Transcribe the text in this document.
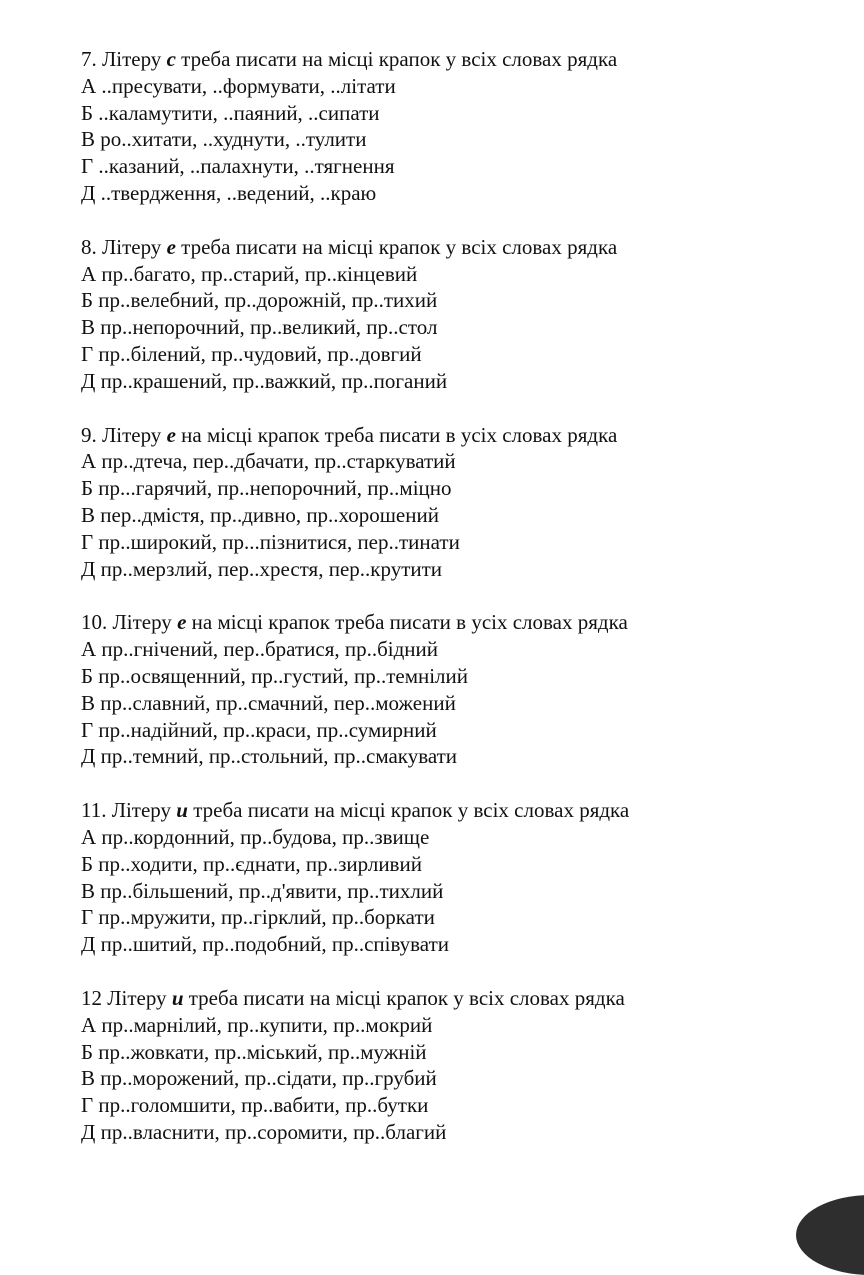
7. Літеру с треба писати на місці крапок у всіх словах рядка
А ..пресувати, ..формувати, ..літати
Б ..каламутити, ..паяний, ..сипати
В ро..хитати, ..худнути, ..тулити
Г ..казаний, ..палахнути, ..тягнення
Д ..твердження, ..ведений, ..краю
8. Літеру е треба писати на місці крапок у всіх словах рядка
А пр..багато, пр..старий, пр..кінцевий
Б пр..велебний, пр..дорожній, пр..тихий
В пр..непорочний, пр..великий, пр..стол
Г пр..білений, пр..чудовий, пр..довгий
Д пр..крашений, пр..важкий, пр..поганий
9. Літеру е на місці крапок треба писати в усіх словах рядка
А пр..дтеча, пер..дбачати, пр..старкуватий
Б пр...гарячий, пр..непорочний, пр..міцно
В пер..дмістя, пр..дивно, пр..хорошений
Г пр..широкий, пр...пізнитися, пер..тинати
Д пр..мерзлий, пер..хрестя, пер..крутити
10. Літеру е на місці крапок треба писати в усіх словах рядка
А пр..гнічений, пер..братися, пр..бідний
Б пр..освященний, пр..густий, пр..темнілий
В пр..славний, пр..смачний, пер..можений
Г пр..надійний, пр..краси, пр..сумирний
Д пр..темний, пр..стольний, пр..смакувати
11. Літеру и треба писати на місці крапок у всіх словах рядка
А пр..кордонний, пр..будова, пр..звище
Б пр..ходити, пр..єднати, пр..зирливий
В пр..більшений, пр..д'явити, пр..тихлий
Г пр..мружити, пр..гірклий, пр..боркати
Д пр..шитий, пр..подобний, пр..співувати
12 Літеру и треба писати на місці крапок у всіх словах рядка
А пр..марнілий, пр..купити, пр..мокрий
Б пр..жовкати, пр..міський, пр..мужній
В пр..морожений, пр..сідати, пр..грубий
Г пр..голомшити, пр..вабити, пр..бутки
Д пр..власнити, пр..соромити, пр..благий
